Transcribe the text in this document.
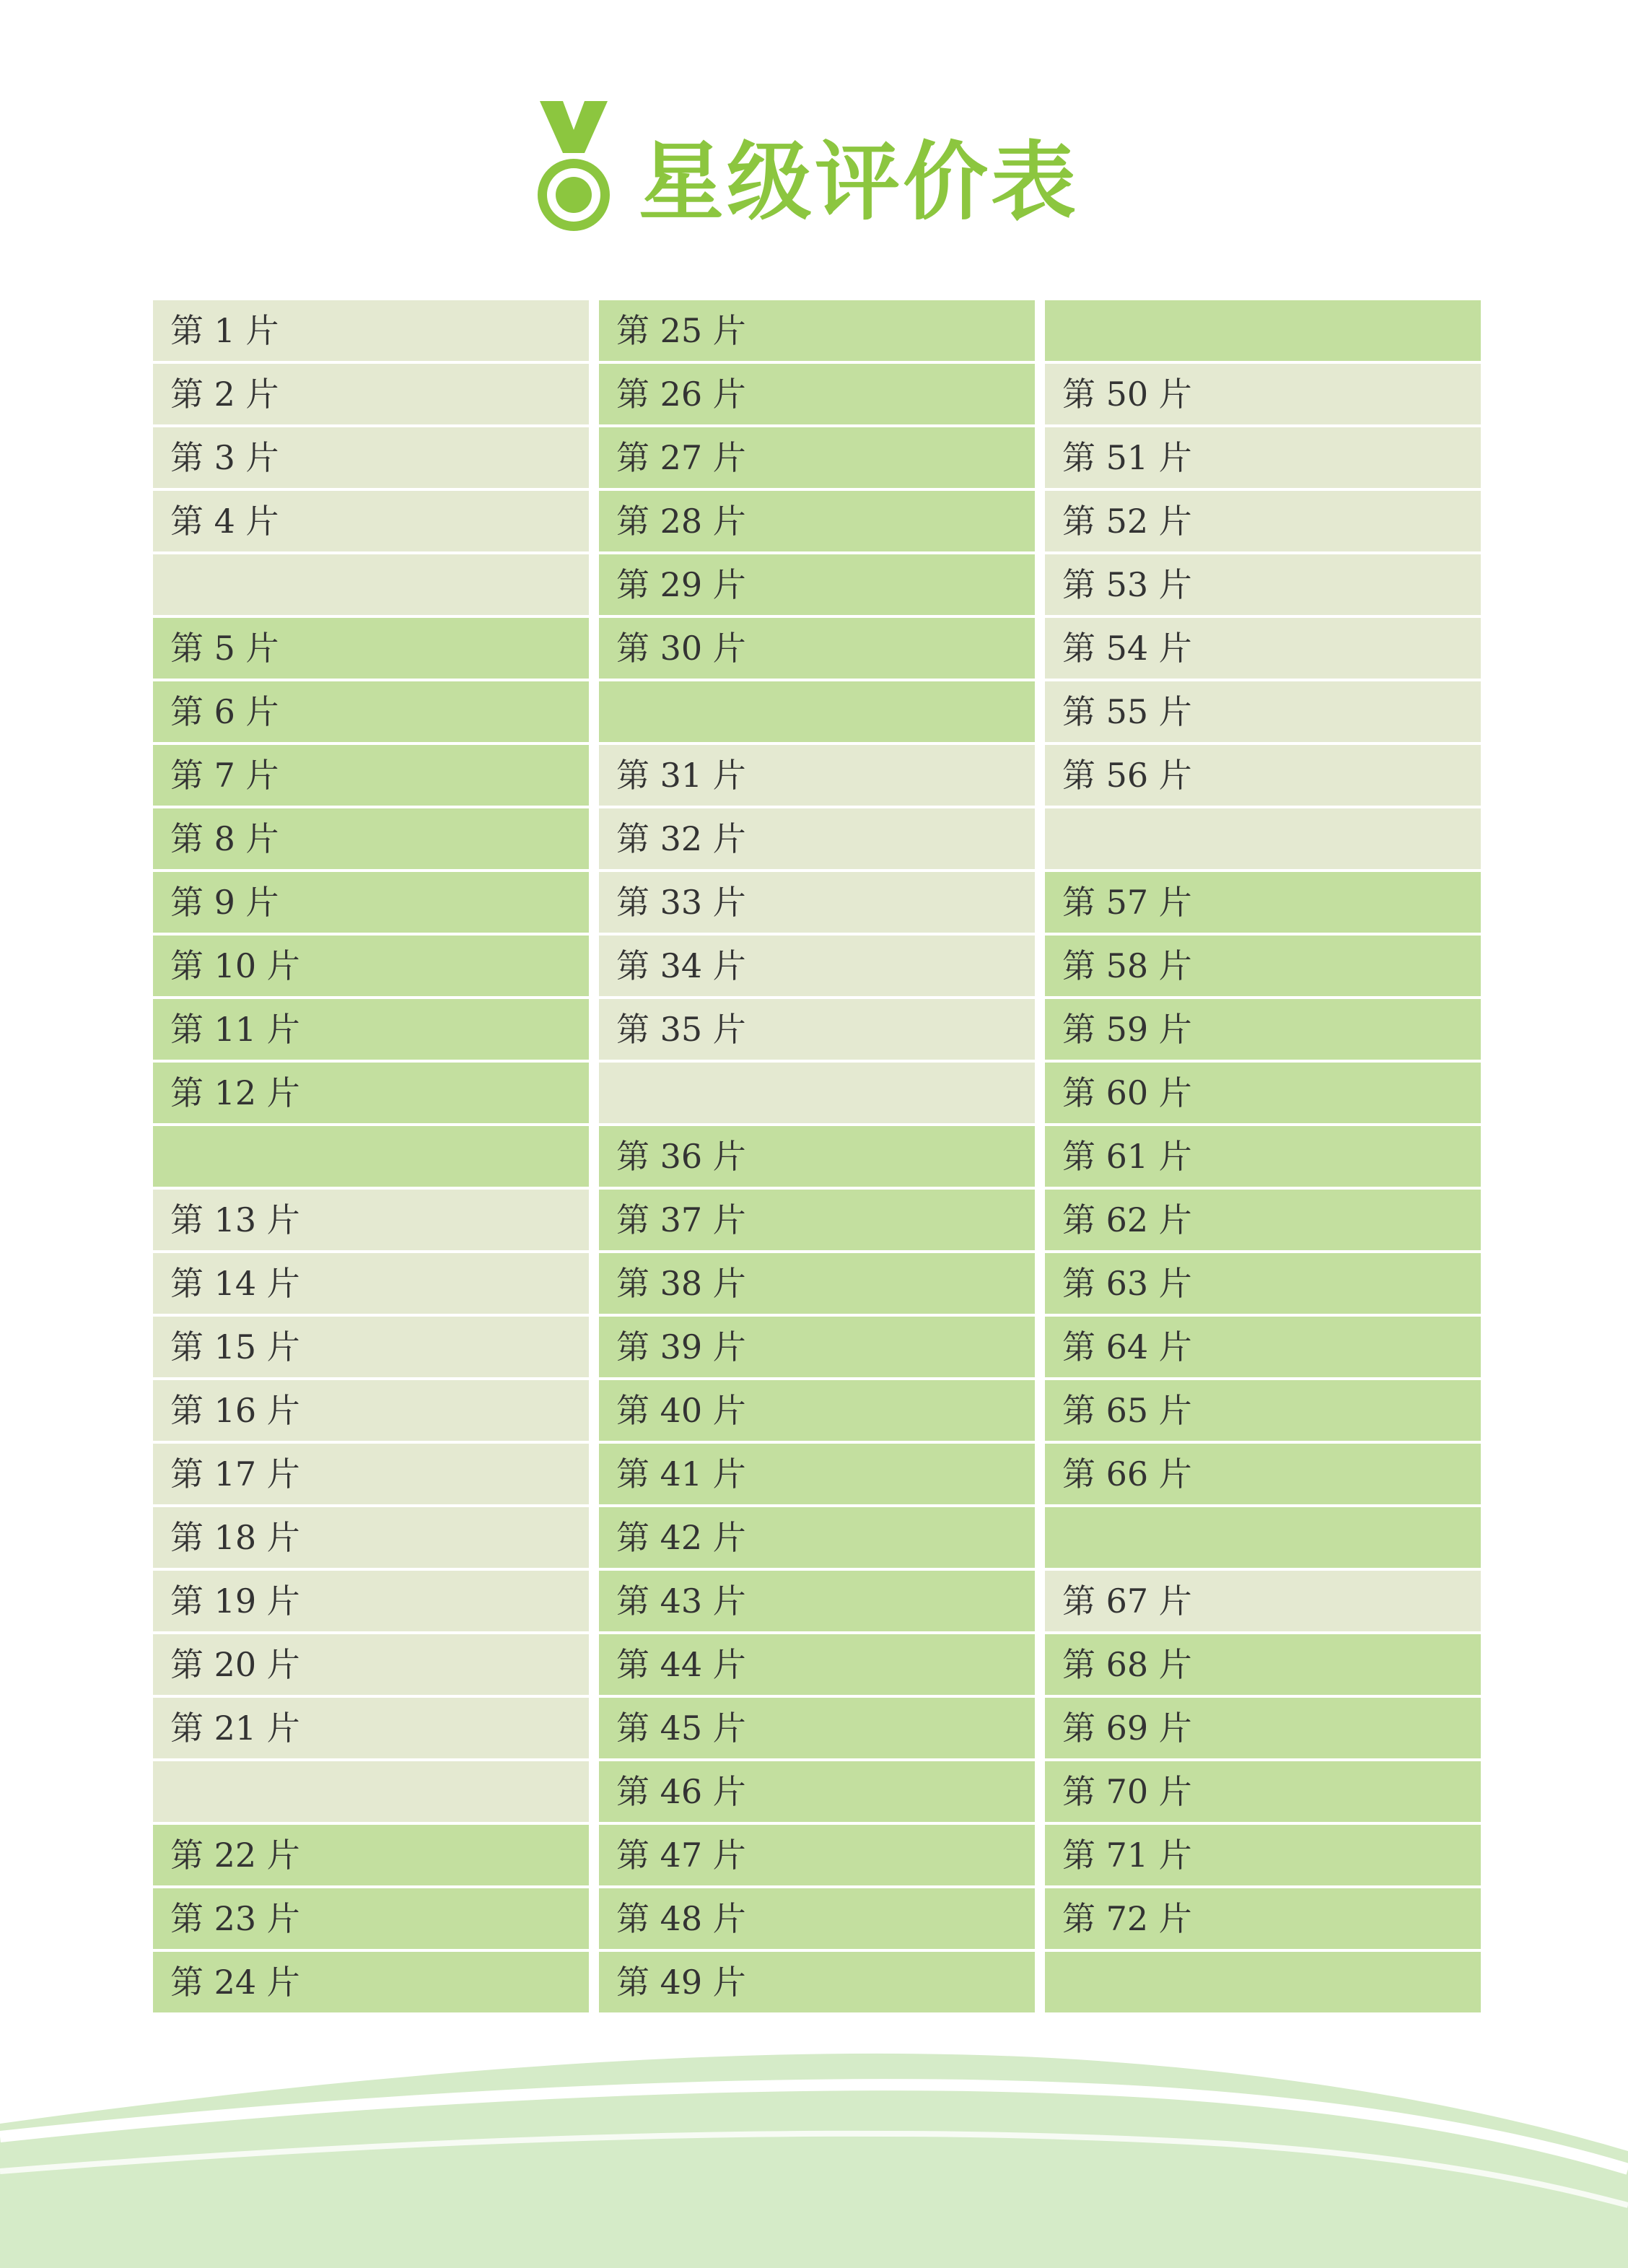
星级评价表
第 1 片
第 2 片
第 3 片
第 4 片
第 5 片
第 6 片
第 7 片
第 8 片
第 9 片
第 10 片
第 11 片
第 12 片
第 13 片
第 14 片
第 15 片
第 16 片
第 17 片
第 18 片
第 19 片
第 20 片
第 21 片
第 22 片
第 23 片
第 24 片
第 25 片
第 26 片
第 27 片
第 28 片
第 29 片
第 30 片
第 31 片
第 32 片
第 33 片
第 34 片
第 35 片
第 36 片
第 37 片
第 38 片
第 39 片
第 40 片
第 41 片
第 42 片
第 43 片
第 44 片
第 45 片
第 46 片
第 47 片
第 48 片
第 49 片
第 50 片
第 51 片
第 52 片
第 53 片
第 54 片
第 55 片
第 56 片
第 57 片
第 58 片
第 59 片
第 60 片
第 61 片
第 62 片
第 63 片
第 64 片
第 65 片
第 66 片
第 67 片
第 68 片
第 69 片
第 70 片
第 71 片
第 72 片
